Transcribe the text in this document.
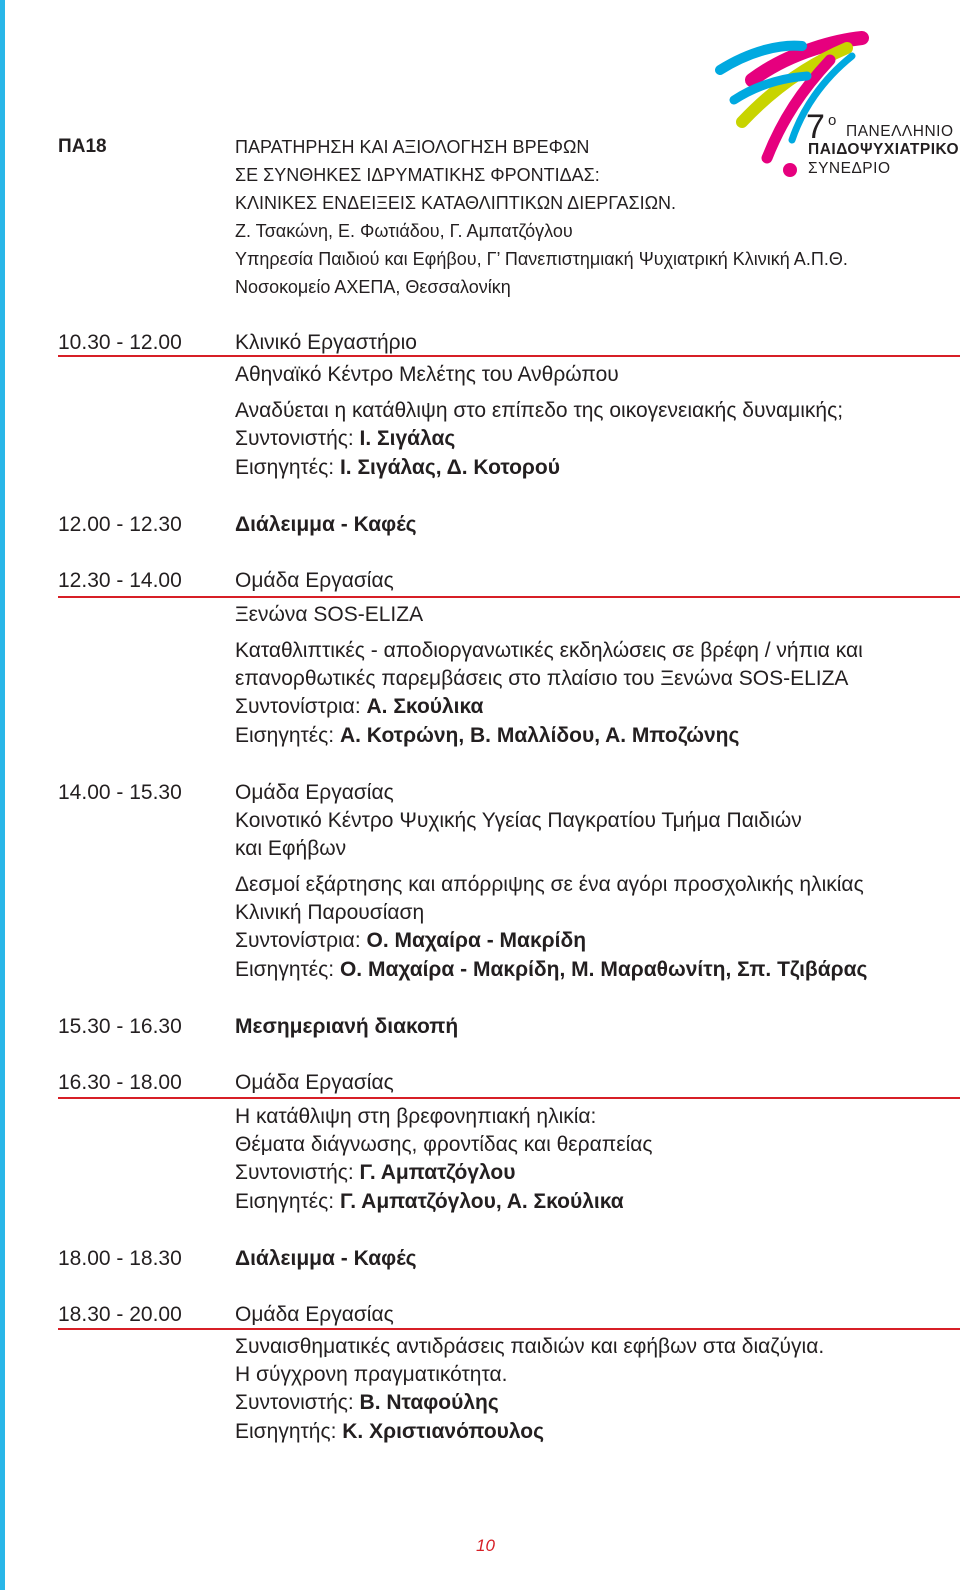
7 ο
ΠΑΝΕΛΛΗΝΙΟ
ΠΑΙΔΟΨΥΧΙΑΤΡΙΚΟ
ΣΥΝΕΔΡΙΟ
ΠΑ18	ΠΑΡΑΤΗΡΗΣΗ ΚΑΙ ΑΞΙΟΛΟΓΗΣΗ ΒΡΕΦΩΝ
ΣΕ ΣΥΝΘΗΚΕΣ ΙΔΡΥΜΑΤΙΚΗΣ ΦΡΟΝΤΙΔΑΣ:
ΚΛΙΝΙΚΕΣ ΕΝΔΕΙΞΕΙΣ ΚΑΤΑΘΛΙΠΤΙΚΩΝ ΔΙΕΡΓΑΣΙΩΝ.
Ζ. Τσακώνη, Ε. Φωτιάδου, Γ. Αμπατζόγλου
Υπηρεσία Παιδιού και Εφήβου, Γ’ Πανεπιστημιακή Ψυχιατρική Κλινική Α.Π.Θ.
Νοσοκομείο ΑΧΕΠΑ, Θεσσαλονίκη
10.30 - 12.00	Κλινικό Εργαστήριο
Αθηναϊκό Κέντρο Μελέτης του Ανθρώπου
Αναδύεται η κατάθλιψη στο επίπεδο της οικογενειακής δυναμικής;
Συντονιστής: Ι. Σιγάλας
Εισηγητές: Ι. Σιγάλας, Δ. Κοτορού
12.00 - 12.30	Διάλειμμα - Καφές
12.30 - 14.00	Ομάδα Εργασίας
Ξενώνα SOS-ELIZA
Καταθλιπτικές - αποδιοργανωτικές εκδηλώσεις σε βρέφη / νήπια και
επανορθωτικές παρεμβάσεις στο πλαίσιο του Ξενώνα SOS-ELIZA
Συντονίστρια: Α. Σκούλικα
Εισηγητές: Α. Κοτρώνη, Β. Μαλλίδου, Α. Μποζώνης
14.00 - 15.30	Ομάδα Εργασίας
Κοινοτικό Κέντρο Ψυχικής Υγείας Παγκρατίου Τμήμα Παιδιών
και Εφήβων
Δεσμοί εξάρτησης και απόρριψης σε ένα αγόρι προσχολικής ηλικίας
Κλινική Παρουσίαση
Συντονίστρια: Ο. Μαχαίρα - Μακρίδη
Εισηγητές: Ο. Μαχαίρα - Μακρίδη, Μ. Μαραθωνίτη, Σπ. Τζιβάρας
15.30 - 16.30	Μεσημεριανή διακοπή
16.30 - 18.00	Ομάδα Εργασίας
Η κατάθλιψη στη βρεφονηπιακή ηλικία:
Θέματα διάγνωσης, φροντίδας και θεραπείας
Συντονιστής: Γ. Αμπατζόγλου
Εισηγητές: Γ. Αμπατζόγλου, Α. Σκούλικα
18.00 - 18.30	Διάλειμμα - Καφές
18.30 - 20.00	Ομάδα Εργασίας
Συναισθηματικές αντιδράσεις παιδιών και εφήβων στα διαζύγια.
Η σύγχρονη πραγματικότητα.
Συντονιστής: Β. Νταφούλης
Εισηγητής: Κ. Χριστιανόπουλος
10
